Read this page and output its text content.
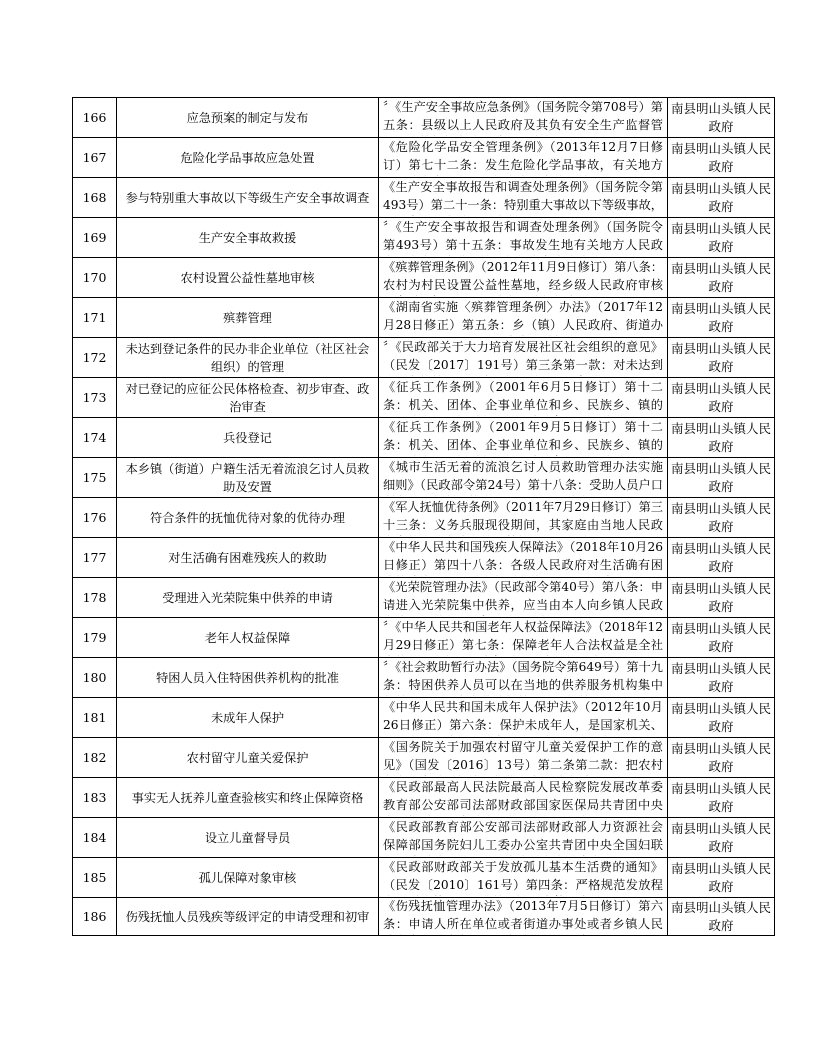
166	应急预案的制定与发布	〞《生产安全事故应急条例》（国务院令第708号）第五条：县级以上人民政府及其负有安全生产监督管	南县明山头镇人民政府
167	危险化学品事故应急处置	《危险化学品安全管理条例》（2013年12月7日修订）第七十二条：发生危险化学品事故，有关地方	南县明山头镇人民政府
168	参与特别重大事故以下等级生产安全事故调查	《生产安全事故报告和调查处理条例》（国务院令第493号）第二十一条：特别重大事故以下等级事故，	南县明山头镇人民政府
169	生产安全事故救援	〞《生产安全事故报告和调查处理条例》（国务院令第493号）第十五条：事故发生地有关地方人民政	南县明山头镇人民政府
170	农村设置公益性墓地审核	《殡葬管理条例》（2012年11月9日修订）第八条：农村为村民设置公益性墓地，经乡级人民政府审核	南县明山头镇人民政府
171	殡葬管理	《湖南省实施〈殡葬管理条例〉办法》（2017年12月28日修正）第五条：乡（镇）人民政府、街道办	南县明山头镇人民政府
172	未达到登记条件的民办非企业单位（社区社会组织）的管理	〞《民政部关于大力培育发展社区社会组织的意见》（民发〔2017〕191号）第三条第一款：对未达到	南县明山头镇人民政府
173	对已登记的应征公民体格检查、初步审查、政治审查	《征兵工作条例》（2001年6月5日修订）第十二条：机关、团体、企事业单位和乡、民族乡、镇的	南县明山头镇人民政府
174	兵役登记	《征兵工作条例》（2001年9月5日修订）第十二条：机关、团体、企事业单位和乡、民族乡、镇的	南县明山头镇人民政府
175	本乡镇（街道）户籍生活无着流浪乞讨人员救助及安置	《城市生活无着的流浪乞讨人员救助管理办法实施细则》（民政部令第24号）第十八条：受助人员户口	南县明山头镇人民政府
176	符合条件的抚恤优待对象的优待办理	《军人抚恤优待条例》（2011年7月29日修订）第三十三条：义务兵服现役期间，其家庭由当地人民政	南县明山头镇人民政府
177	对生活确有困难残疾人的救助	《中华人民共和国残疾人保障法》（2018年10月26日修正）第四十八条：各级人民政府对生活确有困	南县明山头镇人民政府
178	受理进入光荣院集中供养的申请	《光荣院管理办法》（民政部令第40号）第八条：申请进入光荣院集中供养，应当由本人向乡镇人民政	南县明山头镇人民政府
179	老年人权益保障	〞《中华人民共和国老年人权益保障法》（2018年12月29日修正）第七条：保障老年人合法权益是全社	南县明山头镇人民政府
180	特困人员入住特困供养机构的批准	〞《社会救助暂行办法》（国务院令第649号）第十九条：特困供养人员可以在当地的供养服务机构集中	南县明山头镇人民政府
181	未成年人保护	《中华人民共和国未成年人保护法》（2012年10月26日修正）第六条：保护未成年人，是国家机关、	南县明山头镇人民政府
182	农村留守儿童关爱保护	《国务院关于加强农村留守儿童关爱保护工作的意见》（国发〔2016〕13号）第二条第二款：把农村	南县明山头镇人民政府
183	事实无人抚养儿童查验核实和终止保障资格	《民政部最高人民法院最高人民检察院发展改革委教育部公安部司法部财政部国家医保局共青团中央	南县明山头镇人民政府
184	设立儿童督导员	《民政部教育部公安部司法部财政部人力资源社会保障部国务院妇儿工委办公室共青团中央全国妇联	南县明山头镇人民政府
185	孤儿保障对象审核	《民政部财政部关于发放孤儿基本生活费的通知》（民发〔2010〕161号）第四条：严格规范发放程	南县明山头镇人民政府
186	伤残抚恤人员残疾等级评定的申请受理和初审	《伤残抚恤管理办法》（2013年7月5日修订）第六条：申请人所在单位或者街道办事处或者乡镇人民	南县明山头镇人民政府
